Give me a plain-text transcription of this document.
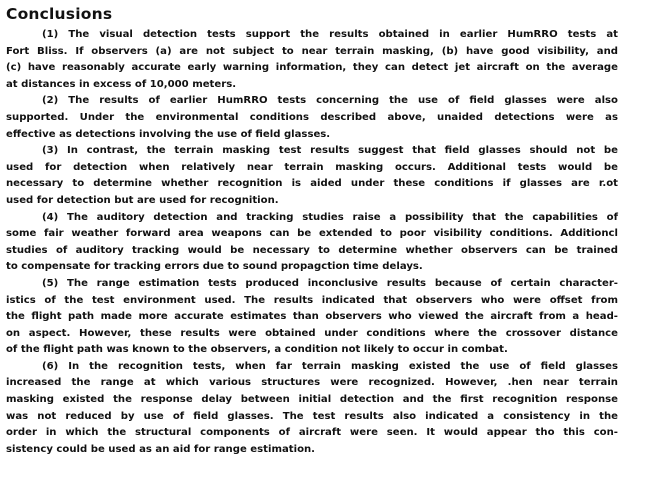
Conclusions
(1) The visual detection tests support the results obtained in earlier HumRRO tests at
Fort Bliss. If observers (a) are not subject to near terrain masking, (b) have good visibility, and
(c) have reasonably accurate early warning information, they can detect jet aircraft on the average
at distances in excess of 10,000 meters.
(2) The results of earlier HumRRO tests concerning the use of field glasses were also
supported. Under the environmental conditions described above, unaided detections were as
effective as detections involving the use of field glasses.
(3) In contrast, the terrain masking test results suggest that field glasses should not be
used for detection when relatively near terrain masking occurs. Additional tests would be
necessary to determine whether recognition is aided under these conditions if glasses are r.ot
used for detection but are used for recognition.
(4) The auditory detection and tracking studies raise a possibility that the capabilities of
some fair weather forward area weapons can be extended to poor visibility conditions. Additioncl
studies of auditory tracking would be necessary to determine whether observers can be trained
to compensate for tracking errors due to sound propagction time delays.
(5) The range estimation tests produced inconclusive results because of certain character-
istics of the test environment used. The results indicated that observers who were offset from
the flight path made more accurate estimates than observers who viewed the aircraft from a head-
on aspect. However, these results were obtained under conditions where the crossover distance
of the flight path was known to the observers, a condition not likely to occur in combat.
(6) In the recognition tests, when far terrain masking existed the use of field glasses
increased the range at which various structures were recognized. However, .hen near terrain
masking existed the response delay between initial detection and the first recognition response
was not reduced by use of field glasses. The test results also indicated a consistency in the
order in which the structural components of aircraft were seen. It would appear tho this con-
sistency could be used as an aid for range estimation.
